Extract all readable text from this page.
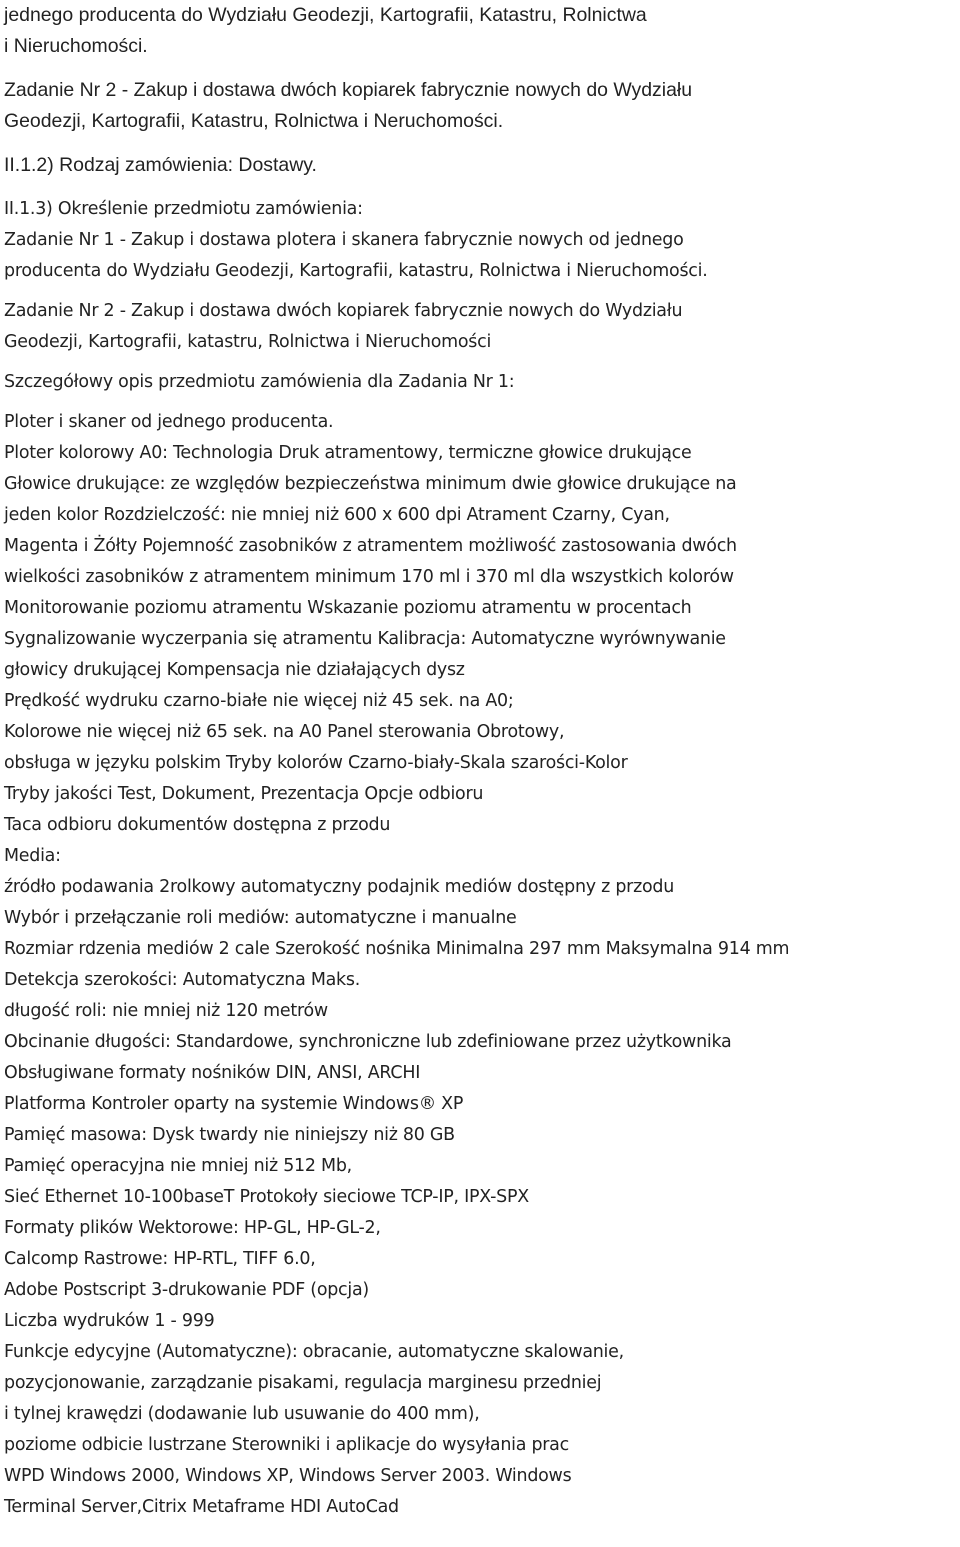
jednego producenta do Wydziału Geodezji, Kartografii, Katastru, Rolnictwa
i Nieruchomości.
Zadanie Nr 2 - Zakup i dostawa dwóch kopiarek fabrycznie nowych do Wydziału
Geodezji, Kartografii, Katastru, Rolnictwa i Neruchomości.
II.1.2) Rodzaj zamówienia: Dostawy.
II.1.3) Określenie przedmiotu zamówienia:
Zadanie Nr 1 - Zakup i dostawa plotera i skanera fabrycznie nowych od jednego
producenta do Wydziału Geodezji, Kartografii, katastru, Rolnictwa i Nieruchomości.
Zadanie Nr 2 - Zakup i dostawa dwóch kopiarek fabrycznie nowych do Wydziału
Geodezji, Kartografii, katastru, Rolnictwa i Nieruchomości
Szczegółowy opis przedmiotu zamówienia dla Zadania Nr 1:
Ploter i skaner od jednego producenta.
Ploter kolorowy A0: Technologia Druk atramentowy, termiczne głowice drukujące
Głowice drukujące: ze względów bezpieczeństwa minimum dwie głowice drukujące na
jeden kolor Rozdzielczość: nie mniej niż 600 x 600 dpi Atrament Czarny, Cyan,
Magenta i Żółty Pojemność zasobników z atramentem możliwość zastosowania dwóch
wielkości zasobników z atramentem minimum 170 ml i 370 ml dla wszystkich kolorów
Monitorowanie poziomu atramentu Wskazanie poziomu atramentu w procentach
Sygnalizowanie wyczerpania się atramentu Kalibracja: Automatyczne wyrównywanie
głowicy drukującej Kompensacja nie działających dysz
Prędkość wydruku czarno-białe nie więcej niż 45 sek. na A0;
Kolorowe nie więcej niż 65 sek. na A0 Panel sterowania Obrotowy,
obsługa w języku polskim Tryby kolorów Czarno-biały-Skala szarości-Kolor
Tryby jakości Test, Dokument, Prezentacja Opcje odbioru
Taca odbioru dokumentów dostępna z przodu
Media:
źródło podawania 2rolkowy automatyczny podajnik mediów dostępny z przodu
Wybór i przełączanie roli mediów: automatyczne i manualne
Rozmiar rdzenia mediów 2 cale Szerokość nośnika Minimalna 297 mm Maksymalna 914 mm
Detekcja szerokości: Automatyczna Maks.
długość roli: nie mniej niż 120 metrów
Obcinanie długości: Standardowe, synchroniczne lub zdefiniowane przez użytkownika
Obsługiwane formaty nośników DIN, ANSI, ARCHI
Platforma Kontroler oparty na systemie Windows® XP
Pamięć masowa: Dysk twardy nie niniejszy niż 80 GB
Pamięć operacyjna nie mniej niż 512 Mb,
Sieć Ethernet 10-100baseT Protokoły sieciowe TCP-IP, IPX-SPX
Formaty plików Wektorowe: HP-GL, HP-GL-2,
Calcomp Rastrowe: HP-RTL, TIFF 6.0,
Adobe Postscript 3-drukowanie PDF (opcja)
Liczba wydruków 1 - 999
Funkcje edycyjne (Automatyczne): obracanie, automatyczne skalowanie,
pozycjonowanie, zarządzanie pisakami, regulacja marginesu przedniej
i tylnej krawędzi (dodawanie lub usuwanie do 400 mm),
poziome odbicie lustrzane Sterowniki i aplikacje do wysyłania prac
WPD Windows 2000, Windows XP, Windows Server 2003. Windows
Terminal Server,Citrix Metaframe HDI AutoCad
